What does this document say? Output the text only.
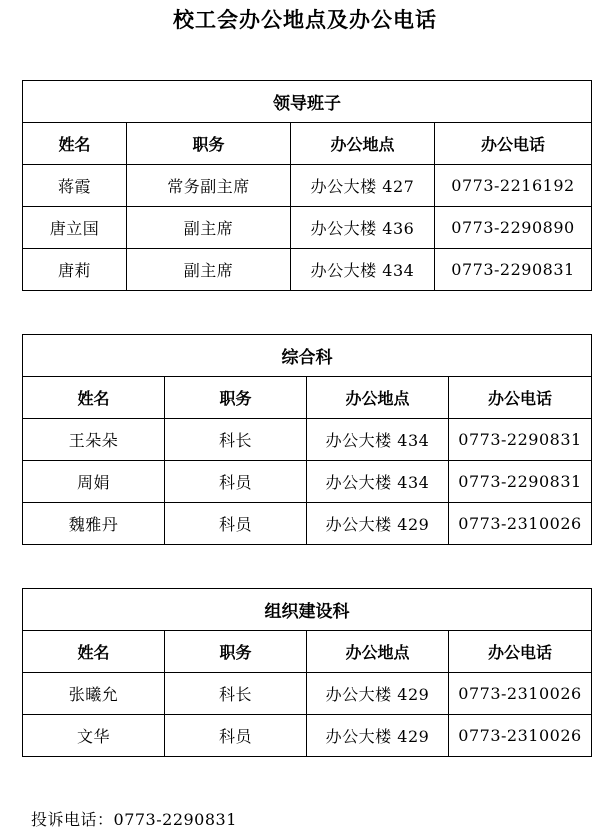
校工会办公地点及办公电话
领导班子			
姓名	职务	办公地点	办公电话
蒋霞	常务副主席	办公大楼 427	0773-2216192
唐立国	副主席	办公大楼 436	0773-2290890
唐莉	副主席	办公大楼 434	0773-2290831
综合科			
姓名	职务	办公地点	办公电话
王朵朵	科长	办公大楼 434	0773-2290831
周娟	科员	办公大楼 434	0773-2290831
魏雅丹	科员	办公大楼 429	0773-2310026
组织建设科			
姓名	职务	办公地点	办公电话
张曦允	科长	办公大楼 429	0773-2310026
文华	科员	办公大楼 429	0773-2310026
投诉电话：0773-2290831
